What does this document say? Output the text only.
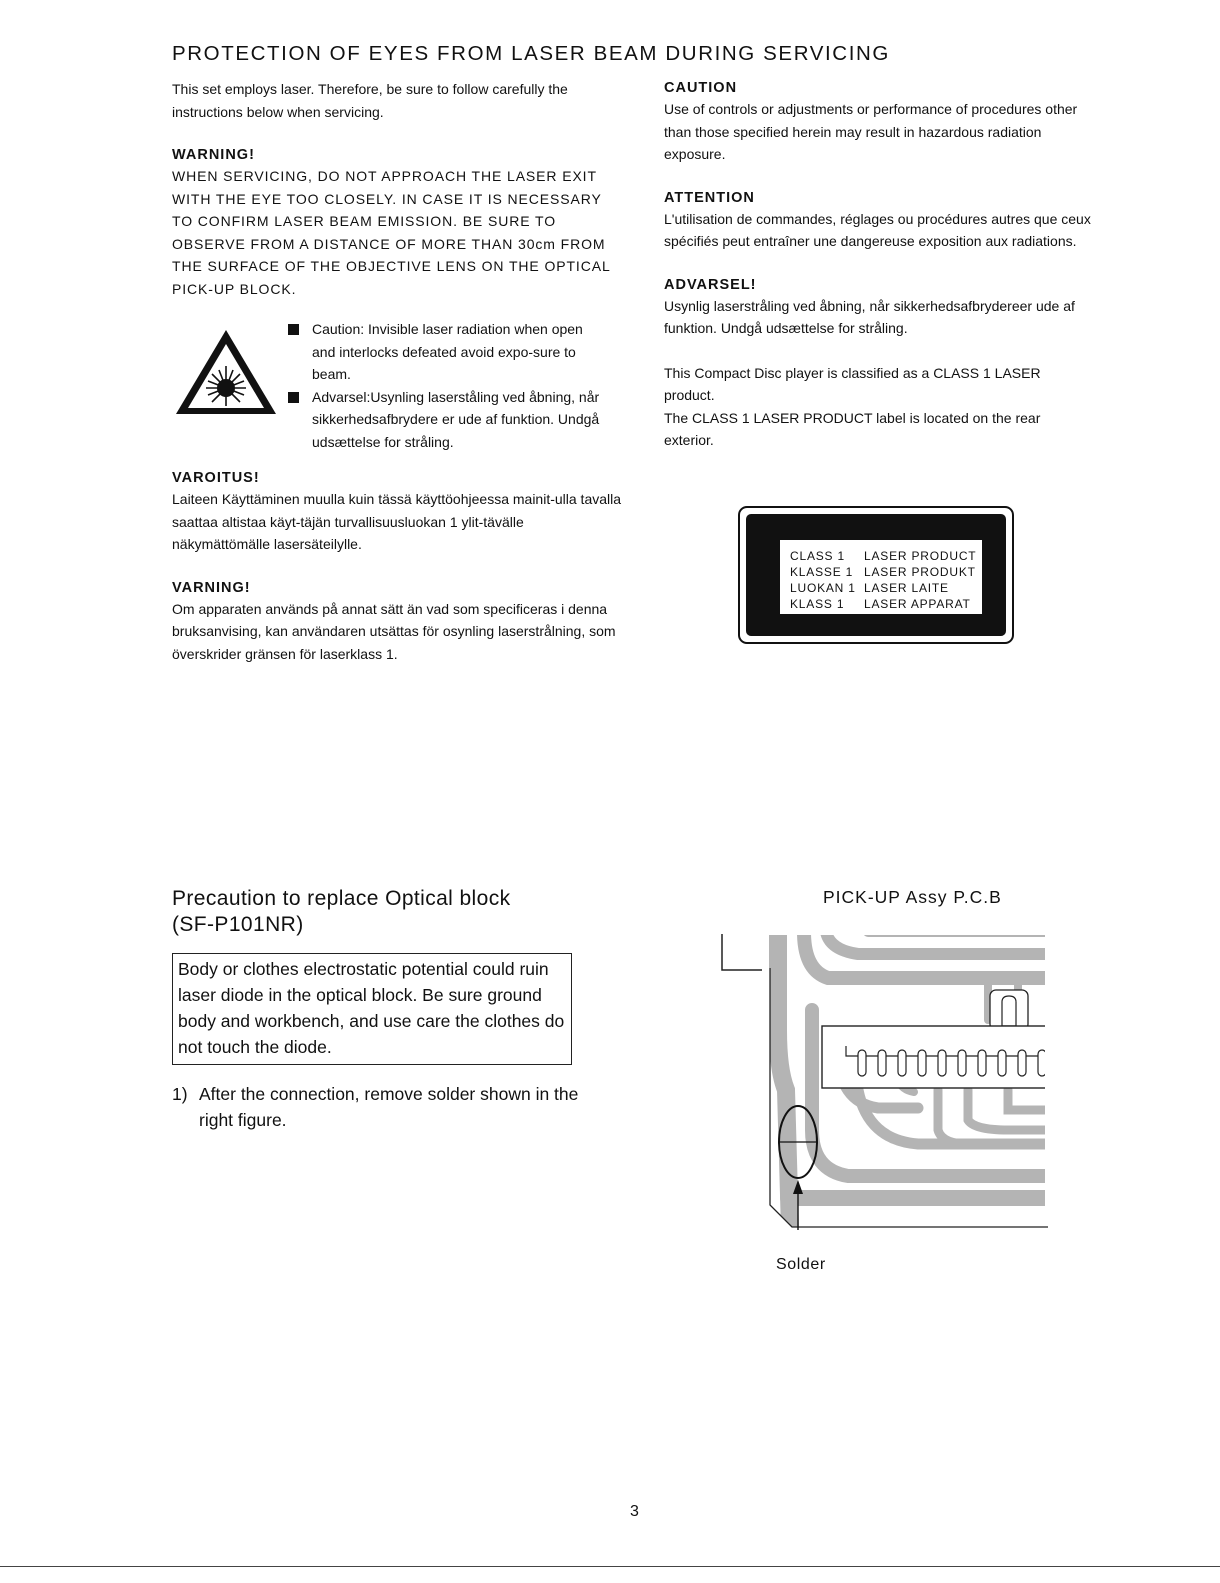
PROTECTION OF EYES FROM LASER BEAM DURING SERVICING

This set employs laser. Therefore, be sure to follow carefully the instructions below when servicing.

WARNING!

WHEN SERVICING, DO NOT APPROACH THE LASER EXIT WITH THE EYE TOO CLOSELY. IN CASE IT IS NECESSARY TO CONFIRM LASER BEAM EMISSION. BE SURE TO OBSERVE FROM A DISTANCE OF MORE THAN 30cm FROM THE SURFACE OF THE OBJECTIVE LENS ON THE OPTICAL PICK-UP BLOCK.

Caution: Invisible laser radiation when open and interlocks defeated avoid expo-sure to beam.
Advarsel:Usynling laserståling ved åbning, når sikkerhedsafbrydere er ude af funktion. Undgå udsættelse for stråling.
VAROITUS!

Laiteen Käyttäminen muulla kuin tässä käyttöohjeessa mainit-ulla tavalla saattaa altistaa käyt-täjän turvallisuusluokan 1 ylit-tävälle näkymättömälle lasersäteilylle.

VARNING!

Om apparaten används på annat sätt än vad som specificeras i denna bruksanvising, kan användaren utsättas för osynling laserstrålning, som överskrider gränsen för laserklass 1.

CAUTION

Use of controls or adjustments or performance of procedures other than those specified herein may result in hazardous radiation exposure.

ATTENTION

L'utilisation de commandes, réglages ou procédures autres que ceux spécifiés peut entraîner une dangereuse exposition aux radiations.

ADVARSEL!

Usynlig laserstråling ved åbning, når sikkerhedsafbrydereer ude af funktion. Undgå udsættelse for stråling.

This Compact Disc player is classified as a CLASS 1 LASER product.

The CLASS 1 LASER PRODUCT label is located on the rear exterior.

CLASS 1	LASER PRODUCT
KLASSE 1 LASER PRODUKT
LUOKAN 1 LASER LAITE
KLASS 1	LASER APPARAT
Precaution to replace Optical block
(SF-P101NR)
Body or clothes electrostatic potential could ruin laser diode in the optical block. Be sure ground body and workbench, and use care the clothes do not touch the diode.
1) After the connection, remove solder shown in the right figure.
PICK-UP Assy P.C.B
Solder
3
